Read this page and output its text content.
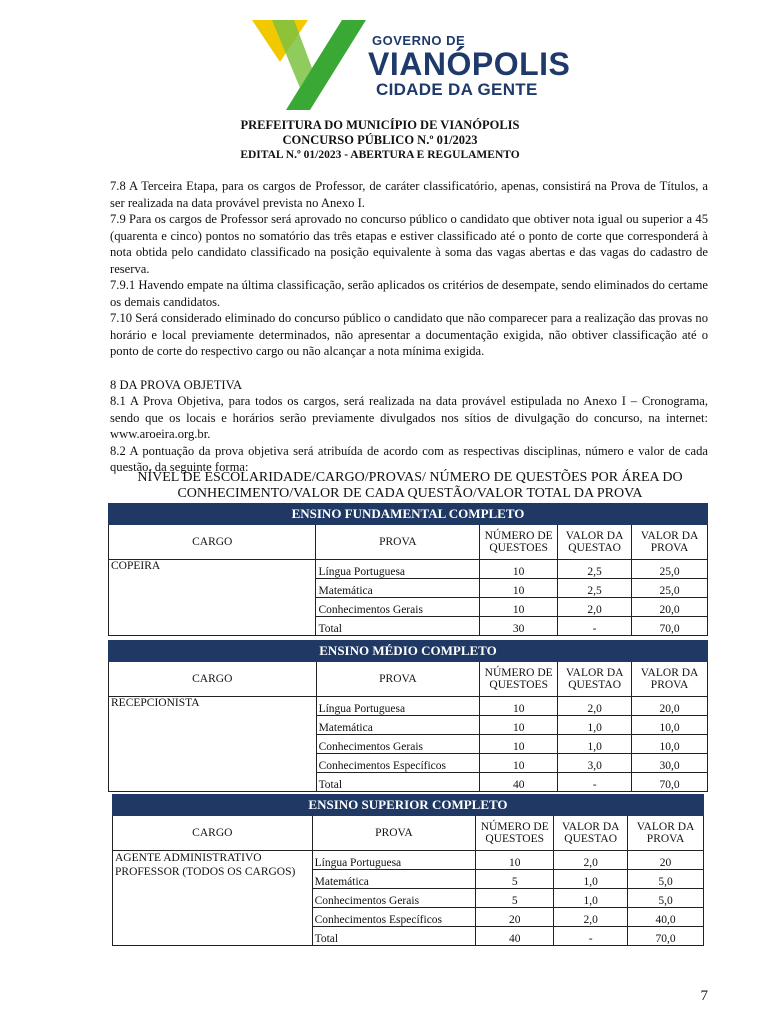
GOVERNO DE
VIANÓPOLIS
CIDADE DA GENTE
PREFEITURA DO MUNICÍPIO DE VIANÓPOLIS
CONCURSO PÚBLICO N.º 01/2023
EDITAL N.º 01/2023 - ABERTURA E REGULAMENTO

7.8 A Terceira Etapa, para os cargos de Professor, de caráter classificatório, apenas, consistirá na Prova de Títulos, a ser realizada na data provável prevista no Anexo I.

7.9 Para os cargos de Professor será aprovado no concurso público o candidato que obtiver nota igual ou superior a 45 (quarenta e cinco) pontos no somatório das três etapas e estiver classificado até o ponto de corte que corresponderá à nota obtida pelo candidato classificado na posição equivalente à soma das vagas abertas e das vagas do cadastro de reserva.

7.9.1 Havendo empate na última classificação, serão aplicados os critérios de desempate, sendo eliminados do certame os demais candidatos.

7.10 Será considerado eliminado do concurso público o candidato que não comparecer para a realização das provas no horário e local previamente determinados, não apresentar a documentação exigida, não obtiver classificação até o ponto de corte do respectivo cargo ou não alcançar a nota mínima exigida.

8 DA PROVA OBJETIVA

8.1 A Prova Objetiva, para todos os cargos, será realizada na data provável estipulada no Anexo I – Cronograma, sendo que os locais e horários serão previamente divulgados nos sítios de divulgação do concurso, na internet: www.aroeira.org.br.

8.2 A pontuação da prova objetiva será atribuída de acordo com as respectivas disciplinas, número e valor de cada questão, da seguinte forma:

NÍVEL DE ESCOLARIDADE/CARGO/PROVAS/ NÚMERO DE QUESTÕES POR ÁREA DO
CONHECIMENTO/VALOR DE CADA QUESTÃO/VALOR TOTAL DA PROVA
ENSINO FUNDAMENTAL COMPLETO				
CARGO	PROVA	NÚMERO DE QUESTOES	VALOR DA QUESTAO	VALOR DA PROVA
COPEIRA	Língua Portuguesa	10	2,5	25,0
	Matemática	10	2,5	25,0
	Conhecimentos Gerais	10	2,0	20,0
	Total	30	-	70,0
ENSINO MÉDIO COMPLETO				
CARGO	PROVA	NÚMERO DE QUESTOES	VALOR DA QUESTAO	VALOR DA PROVA
RECEPCIONISTA	Língua Portuguesa	10	2,0	20,0
	Matemática	10	1,0	10,0
	Conhecimentos Gerais	10	1,0	10,0
	Conhecimentos Específicos	10	3,0	30,0
	Total	40	-	70,0
ENSINO SUPERIOR COMPLETO				
CARGO	PROVA	NÚMERO DE QUESTOES	VALOR DA QUESTAO	VALOR DA PROVA
AGENTE ADMINISTRATIVO PROFESSOR (TODOS OS CARGOS)	Língua Portuguesa	10	2,0	20
	Matemática	5	1,0	5,0
	Conhecimentos Gerais	5	1,0	5,0
	Conhecimentos Específicos	20	2,0	40,0
	Total	40	-	70,0
7
